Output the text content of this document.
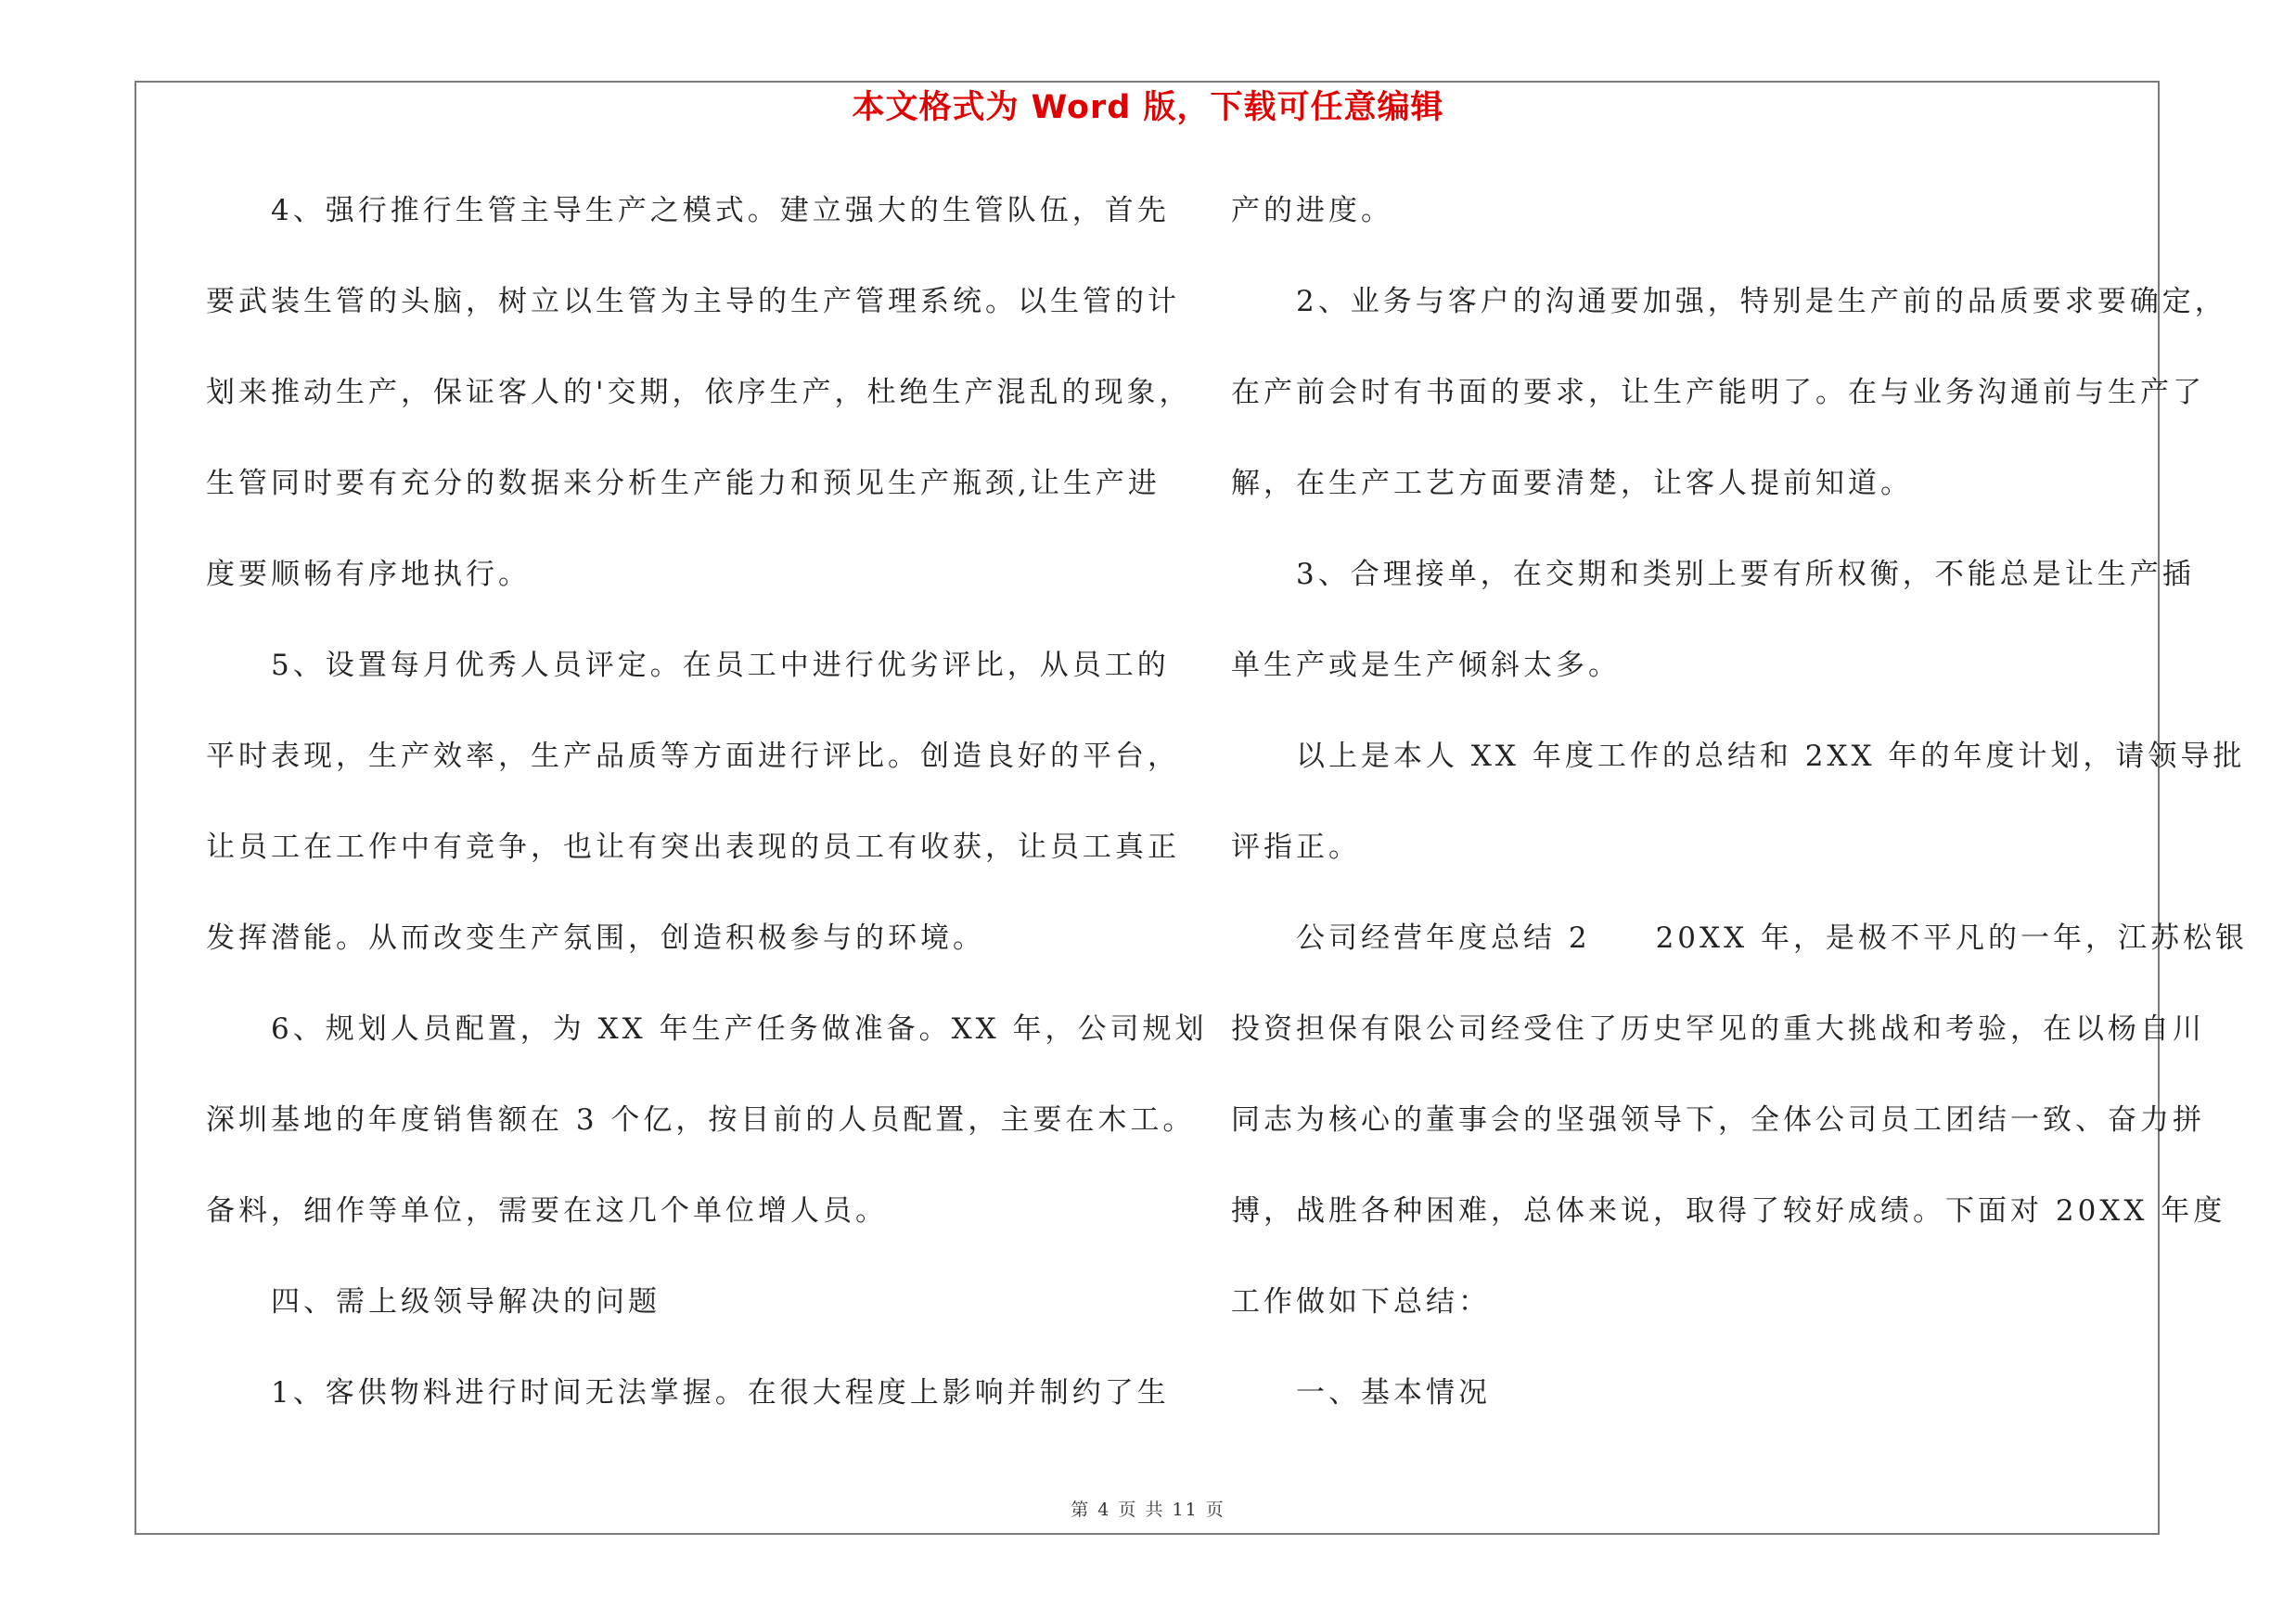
本文格式为 Word 版，下载可任意编辑
　　4、强行推行生管主导生产之模式。建立强大的生管队伍，首先
要武装生管的头脑，树立以生管为主导的生产管理系统。以生管的计
划来推动生产，保证客人的'交期，依序生产，杜绝生产混乱的现象，
生管同时要有充分的数据来分析生产能力和预见生产瓶颈,让生产进
度要顺畅有序地执行。
　　5、设置每月优秀人员评定。在员工中进行优劣评比，从员工的
平时表现，生产效率，生产品质等方面进行评比。创造良好的平台，
让员工在工作中有竞争，也让有突出表现的员工有收获，让员工真正
发挥潜能。从而改变生产氛围，创造积极参与的环境。
　　6、规划人员配置，为 XX 年生产任务做准备。XX 年，公司规划
深圳基地的年度销售额在 3 个亿，按目前的人员配置，主要在木工。
备料，细作等单位，需要在这几个单位增人员。
　　四、需上级领导解决的问题
　　1、客供物料进行时间无法掌握。在很大程度上影响并制约了生
产的进度。
　　2、业务与客户的沟通要加强，特别是生产前的品质要求要确定，
在产前会时有书面的要求，让生产能明了。在与业务沟通前与生产了
解，在生产工艺方面要清楚，让客人提前知道。
　　3、合理接单，在交期和类别上要有所权衡，不能总是让生产插
单生产或是生产倾斜太多。
　　以上是本人 XX 年度工作的总结和 2XX 年的年度计划，请领导批
评指正。
　　公司经营年度总结 2　　20XX 年，是极不平凡的一年，江苏松银
投资担保有限公司经受住了历史罕见的重大挑战和考验，在以杨自川
同志为核心的董事会的坚强领导下，全体公司员工团结一致、奋力拼
搏，战胜各种困难，总体来说，取得了较好成绩。下面对 20XX 年度
工作做如下总结：
　　一、基本情况
第 4 页 共 11 页
